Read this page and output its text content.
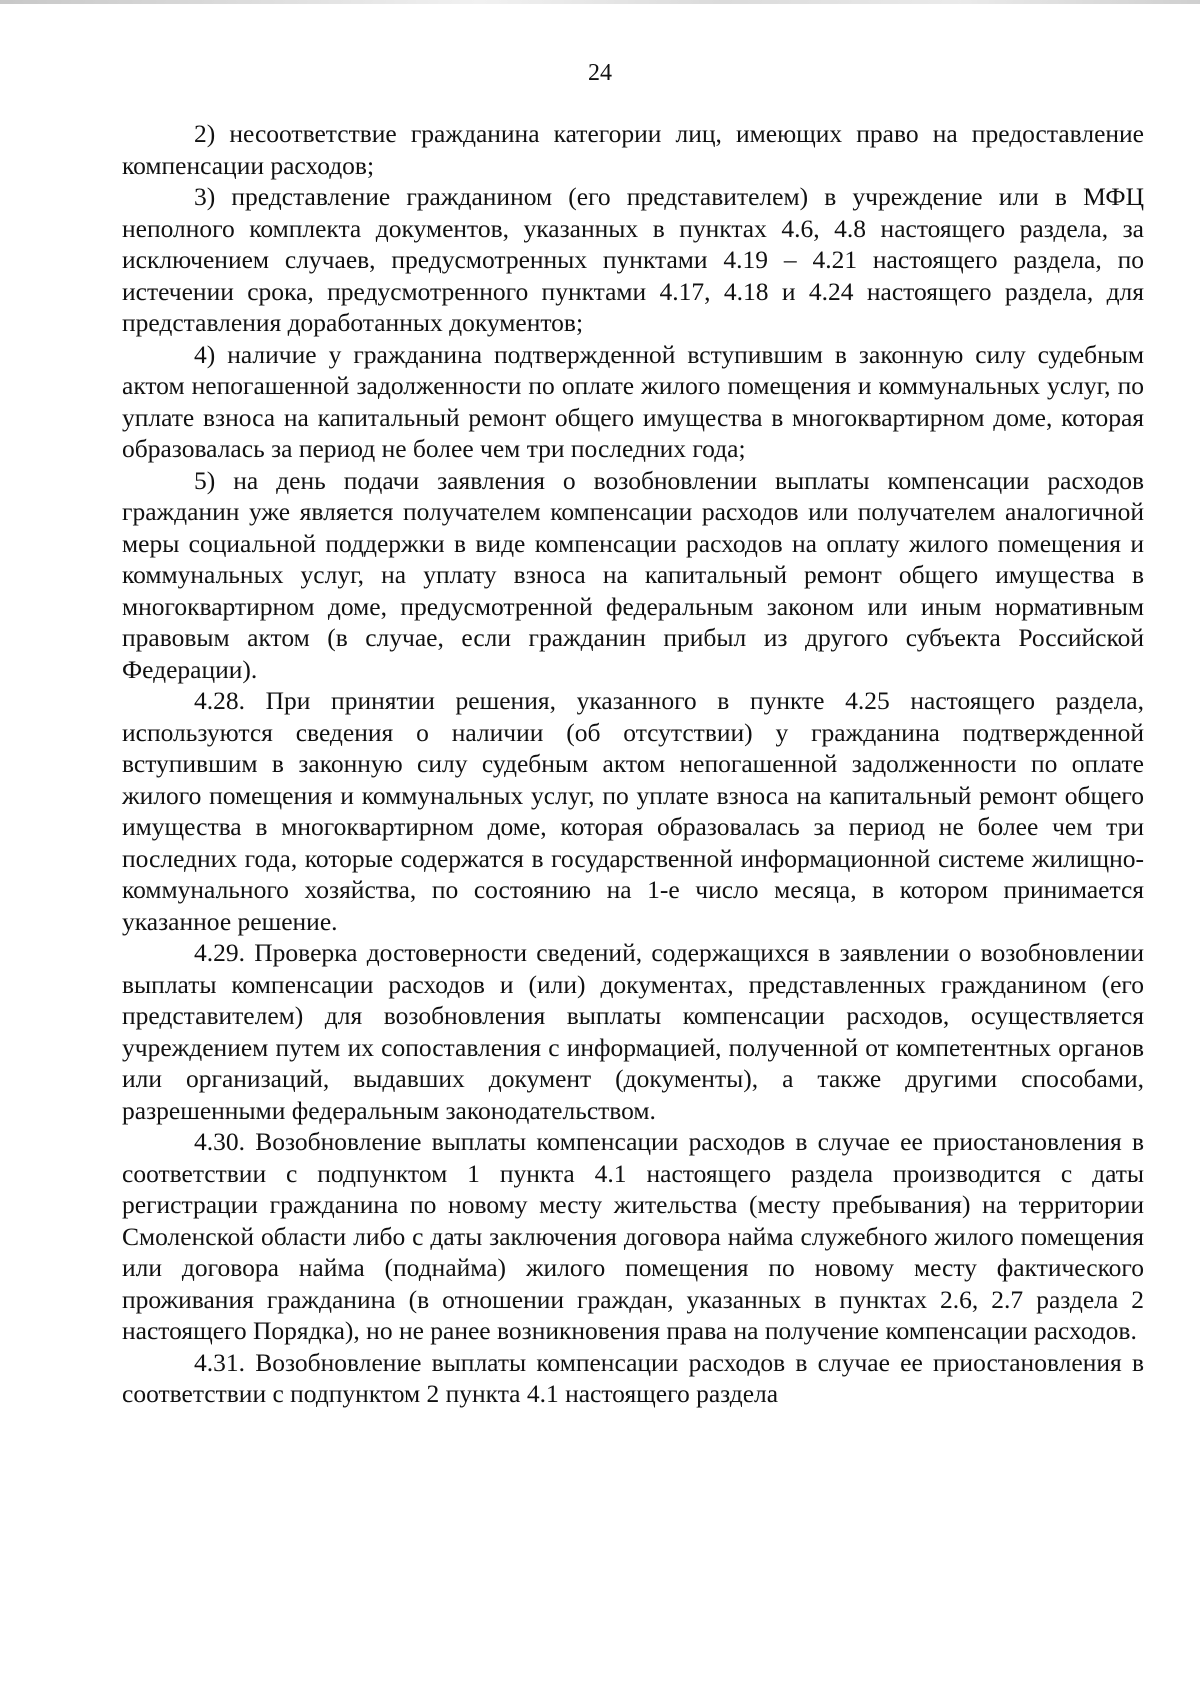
24

2) несоответствие гражданина категории лиц, имеющих право на предоставление компенсации расходов;

3) представление гражданином (его представителем) в учреждение или в МФЦ неполного комплекта документов, указанных в пунктах 4.6, 4.8 настоящего раздела, за исключением случаев, предусмотренных пунктами 4.19 – 4.21 настоящего раздела, по истечении срока, предусмотренного пунктами 4.17, 4.18 и 4.24 настоящего раздела, для представления доработанных документов;

4) наличие у гражданина подтвержденной вступившим в законную силу судебным актом непогашенной задолженности по оплате жилого помещения и коммунальных услуг, по уплате взноса на капитальный ремонт общего имущества в многоквартирном доме, которая образовалась за период не более чем три последних года;

5) на день подачи заявления о возобновлении выплаты компенсации расходов гражданин уже является получателем компенсации расходов или получателем аналогичной меры социальной поддержки в виде компенсации расходов на оплату жилого помещения и коммунальных услуг, на уплату взноса на капитальный ремонт общего имущества в многоквартирном доме, предусмотренной федеральным законом или иным нормативным правовым актом (в случае, если гражданин прибыл из другого субъекта Российской Федерации).

4.28. При принятии решения, указанного в пункте 4.25 настоящего раздела, используются сведения о наличии (об отсутствии) у гражданина подтвержденной вступившим в законную силу судебным актом непогашенной задолженности по оплате жилого помещения и коммунальных услуг, по уплате взноса на капитальный ремонт общего имущества в многоквартирном доме, которая образовалась за период не более чем три последних года, которые содержатся в государственной информационной системе жилищно-коммунального хозяйства, по состоянию на 1-е число месяца, в котором принимается указанное решение.

4.29. Проверка достоверности сведений, содержащихся в заявлении о возобновлении выплаты компенсации расходов и (или) документах, представленных гражданином (его представителем) для возобновления выплаты компенсации расходов, осуществляется учреждением путем их сопоставления с информацией, полученной от компетентных органов или организаций, выдавших документ (документы), а также другими способами, разрешенными федеральным законодательством.

4.30. Возобновление выплаты компенсации расходов в случае ее приостановления в соответствии с подпунктом 1 пункта 4.1 настоящего раздела производится с даты регистрации гражданина по новому месту жительства (месту пребывания) на территории Смоленской области либо с даты заключения договора найма служебного жилого помещения или договора найма (поднайма) жилого помещения по новому месту фактического проживания гражданина (в отношении граждан, указанных в пунктах 2.6, 2.7 раздела 2 настоящего Порядка), но не ранее возникновения права на получение компенсации расходов.

4.31. Возобновление выплаты компенсации расходов в случае ее приостановления в соответствии с подпунктом 2 пункта 4.1 настоящего раздела
